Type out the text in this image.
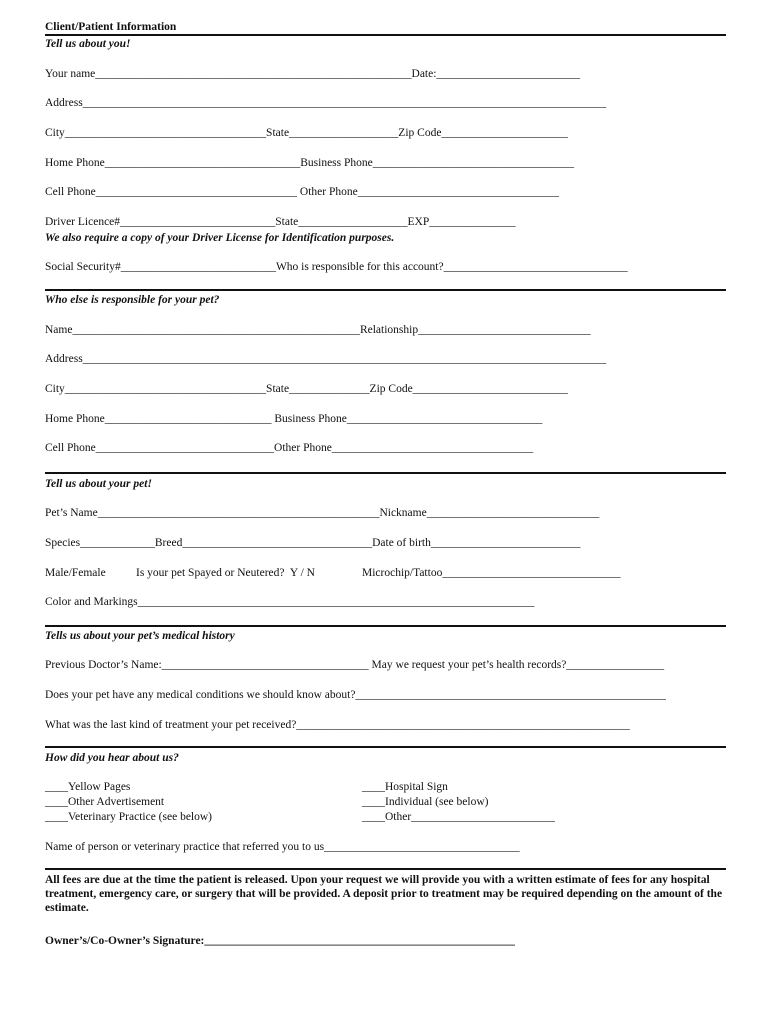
Client/Patient Information
Tell us about you!
Your name_______________________________________________________Date:_________________________
Address___________________________________________________________________________________________
City___________________________________State___________________Zip Code______________________
Home Phone__________________________________Business Phone___________________________________
Cell Phone___________________________________ Other Phone___________________________________
Driver Licence#___________________________State___________________EXP_______________
We also require a copy of your Driver License for Identification purposes.
Social Security#___________________________Who is responsible for this account?________________________________
Who else is responsible for your pet?
Name__________________________________________________Relationship______________________________
Address___________________________________________________________________________________________
City___________________________________State______________Zip Code___________________________
Home Phone_____________________________ Business Phone__________________________________
Cell Phone_______________________________Other Phone___________________________________
Tell us about your pet!
Pet’s Name_________________________________________________Nickname______________________________
Species_____________Breed_________________________________Date of birth__________________________
Male/Female	Is your pet Spayed or Neutered?  Y / N	Microchip/Tattoo_______________________________
Color and Markings_____________________________________________________________________
Tells us about your pet’s medical history
Previous Doctor’s Name:____________________________________ May we request your pet’s health records?_________________
Does your pet have any medical conditions we should know about?______________________________________________________
What was the last kind of treatment your pet received?__________________________________________________________
How did you hear about us?
____Yellow Pages
____Other Advertisement
____Veterinary Practice (see below)
____Hospital Sign
____Individual (see below)
____Other_________________________
Name of person or veterinary practice that referred you to us__________________________________
All fees are due at the time the patient is released. Upon your request we will provide you with a written estimate of fees for any hospital treatment, emergency care, or surgery that will be provided. A deposit prior to treatment may be required depending on the amount of the estimate.
Owner’s/Co-Owner’s Signature:______________________________________________________
